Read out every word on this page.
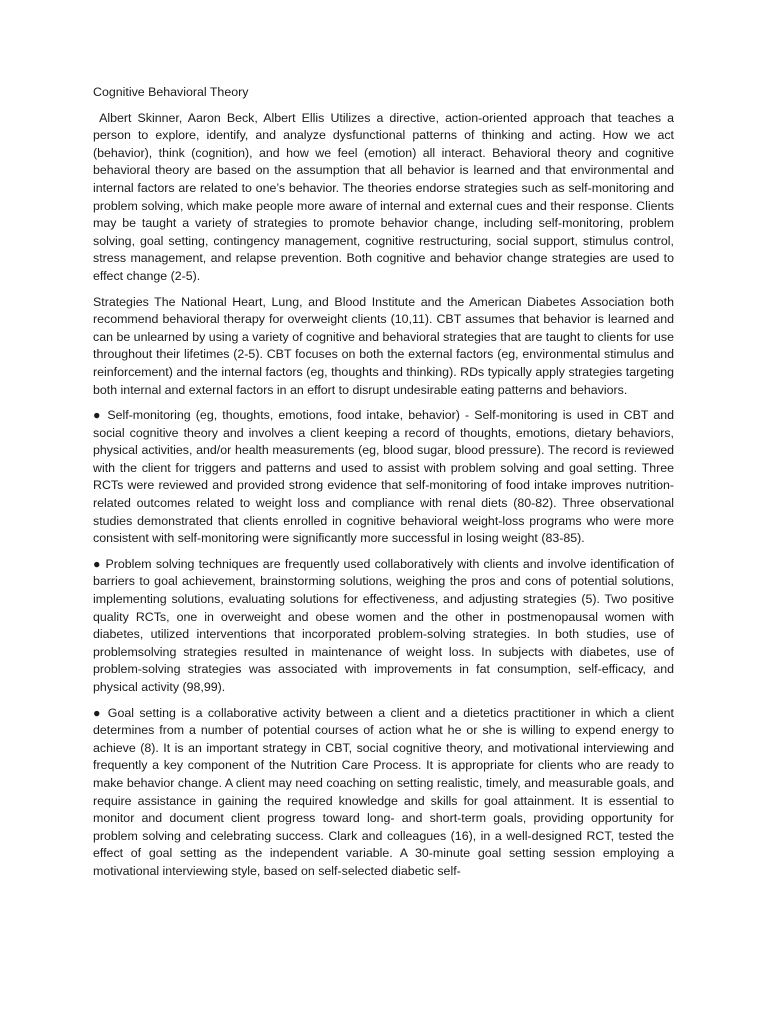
Cognitive Behavioral Theory

Albert Skinner, Aaron Beck, Albert Ellis Utilizes a directive, action-oriented approach that teaches a person to explore, identify, and analyze dysfunctional patterns of thinking and acting. How we act (behavior), think (cognition), and how we feel (emotion) all interact. Behavioral theory and cognitive behavioral theory are based on the assumption that all behavior is learned and that environmental and internal factors are related to one’s behavior. The theories endorse strategies such as self-monitoring and problem solving, which make people more aware of internal and external cues and their response. Clients may be taught a variety of strategies to promote behavior change, including self-monitoring, problem solving, goal setting, contingency management, cognitive restructuring, social support, stimulus control, stress management, and relapse prevention. Both cognitive and behavior change strategies are used to effect change (2-5).

Strategies The National Heart, Lung, and Blood Institute and the American Diabetes Association both recommend behavioral therapy for overweight clients (10,11). CBT assumes that behavior is learned and can be unlearned by using a variety of cognitive and behavioral strategies that are taught to clients for use throughout their lifetimes (2-5). CBT focuses on both the external factors (eg, environmental stimulus and reinforcement) and the internal factors (eg, thoughts and thinking). RDs typically apply strategies targeting both internal and external factors in an effort to disrupt undesirable eating patterns and behaviors.

● Self-monitoring (eg, thoughts, emotions, food intake, behavior) - Self-monitoring is used in CBT and social cognitive theory and involves a client keeping a record of thoughts, emotions, dietary behaviors, physical activities, and/or health measurements (eg, blood sugar, blood pressure). The record is reviewed with the client for triggers and patterns and used to assist with problem solving and goal setting. Three RCTs were reviewed and provided strong evidence that self-monitoring of food intake improves nutrition-related outcomes related to weight loss and compliance with renal diets (80-82). Three observational studies demonstrated that clients enrolled in cognitive behavioral weight-loss programs who were more consistent with self-monitoring were significantly more successful in losing weight (83-85).

● Problem solving techniques are frequently used collaboratively with clients and involve identification of barriers to goal achievement, brainstorming solutions, weighing the pros and cons of potential solutions, implementing solutions, evaluating solutions for effectiveness, and adjusting strategies (5). Two positive quality RCTs, one in overweight and obese women and the other in postmenopausal women with diabetes, utilized interventions that incorporated problem-solving strategies. In both studies, use of problemsolving strategies resulted in maintenance of weight loss. In subjects with diabetes, use of problem-solving strategies was associated with improvements in fat consumption, self-efficacy, and physical activity (98,99).

● Goal setting is a collaborative activity between a client and a dietetics practitioner in which a client determines from a number of potential courses of action what he or she is willing to expend energy to achieve (8). It is an important strategy in CBT, social cognitive theory, and motivational interviewing and frequently a key component of the Nutrition Care Process. It is appropriate for clients who are ready to make behavior change. A client may need coaching on setting realistic, timely, and measurable goals, and require assistance in gaining the required knowledge and skills for goal attainment. It is essential to monitor and document client progress toward long- and short-term goals, providing opportunity for problem solving and celebrating success. Clark and colleagues (16), in a well-designed RCT, tested the effect of goal setting as the independent variable. A 30-minute goal setting session employing a motivational interviewing style, based on self-selected diabetic self-
